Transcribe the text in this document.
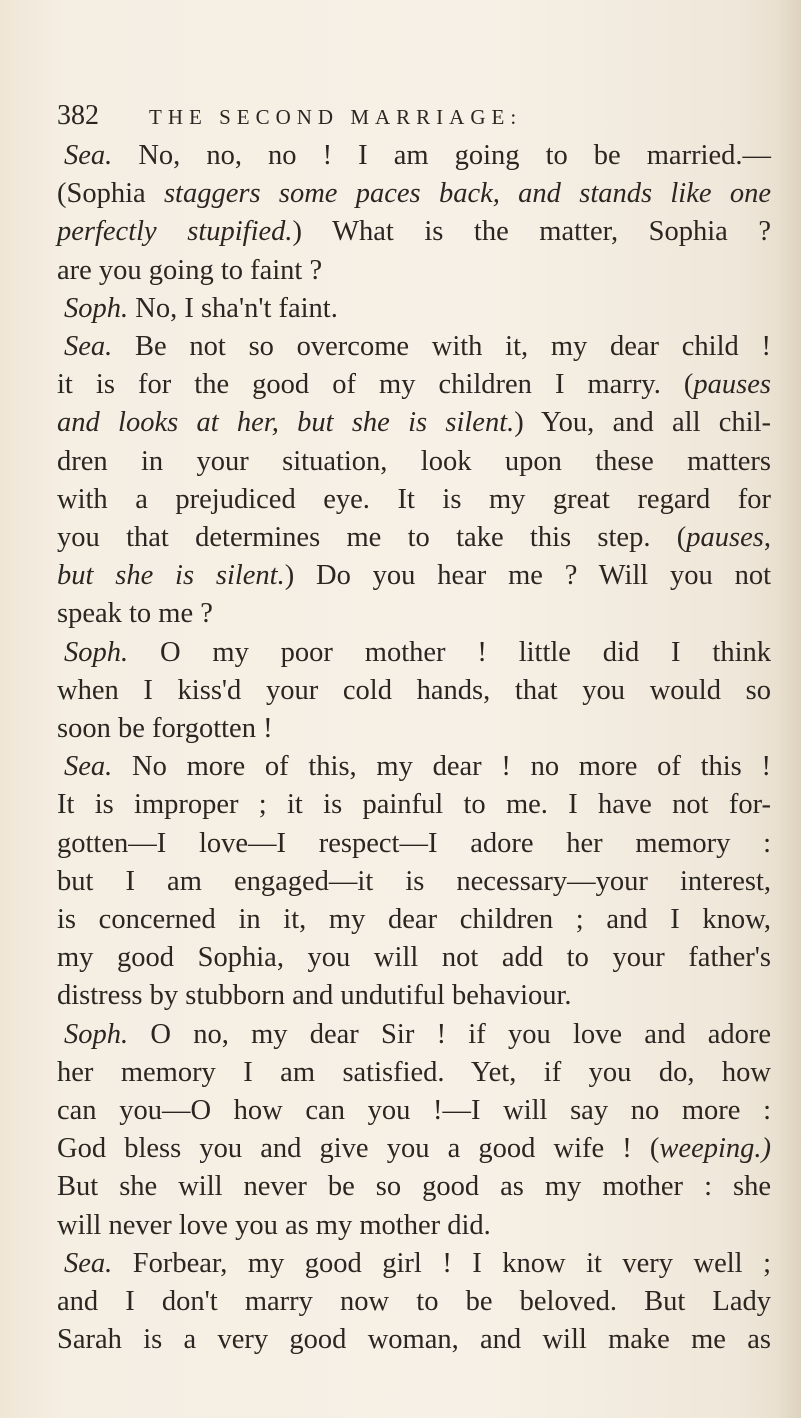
382	THE SECOND MARRIAGE:
Sea. No, no, no ! I am going to be married.—
(Sophia staggers some paces back, and stands like one
perfectly stupified.) What is the matter, Sophia ?
are you going to faint ?
Soph. No, I sha'n't faint.
Sea. Be not so overcome with it, my dear child !
it is for the good of my children I marry. (pauses
and looks at her, but she is silent.) You, and all chil-
dren in your situation, look upon these matters
with a prejudiced eye. It is my great regard for
you that determines me to take this step. (pauses,
but she is silent.) Do you hear me ? Will you not
speak to me ?
Soph. O my poor mother ! little did I think
when I kiss'd your cold hands, that you would so
soon be forgotten !
Sea. No more of this, my dear ! no more of this !
It is improper ; it is painful to me. I have not for-
gotten—I love—I respect—I adore her memory :
but I am engaged—it is necessary—your interest,
is concerned in it, my dear children ; and I know,
my good Sophia, you will not add to your father's
distress by stubborn and undutiful behaviour.
Soph. O no, my dear Sir ! if you love and adore
her memory I am satisfied. Yet, if you do, how
can you—O how can you !—I will say no more :
God bless you and give you a good wife ! (weeping.)
But she will never be so good as my mother : she
will never love you as my mother did.
Sea. Forbear, my good girl ! I know it very well ;
and I don't marry now to be beloved. But Lady
Sarah is a very good woman, and will make me as
